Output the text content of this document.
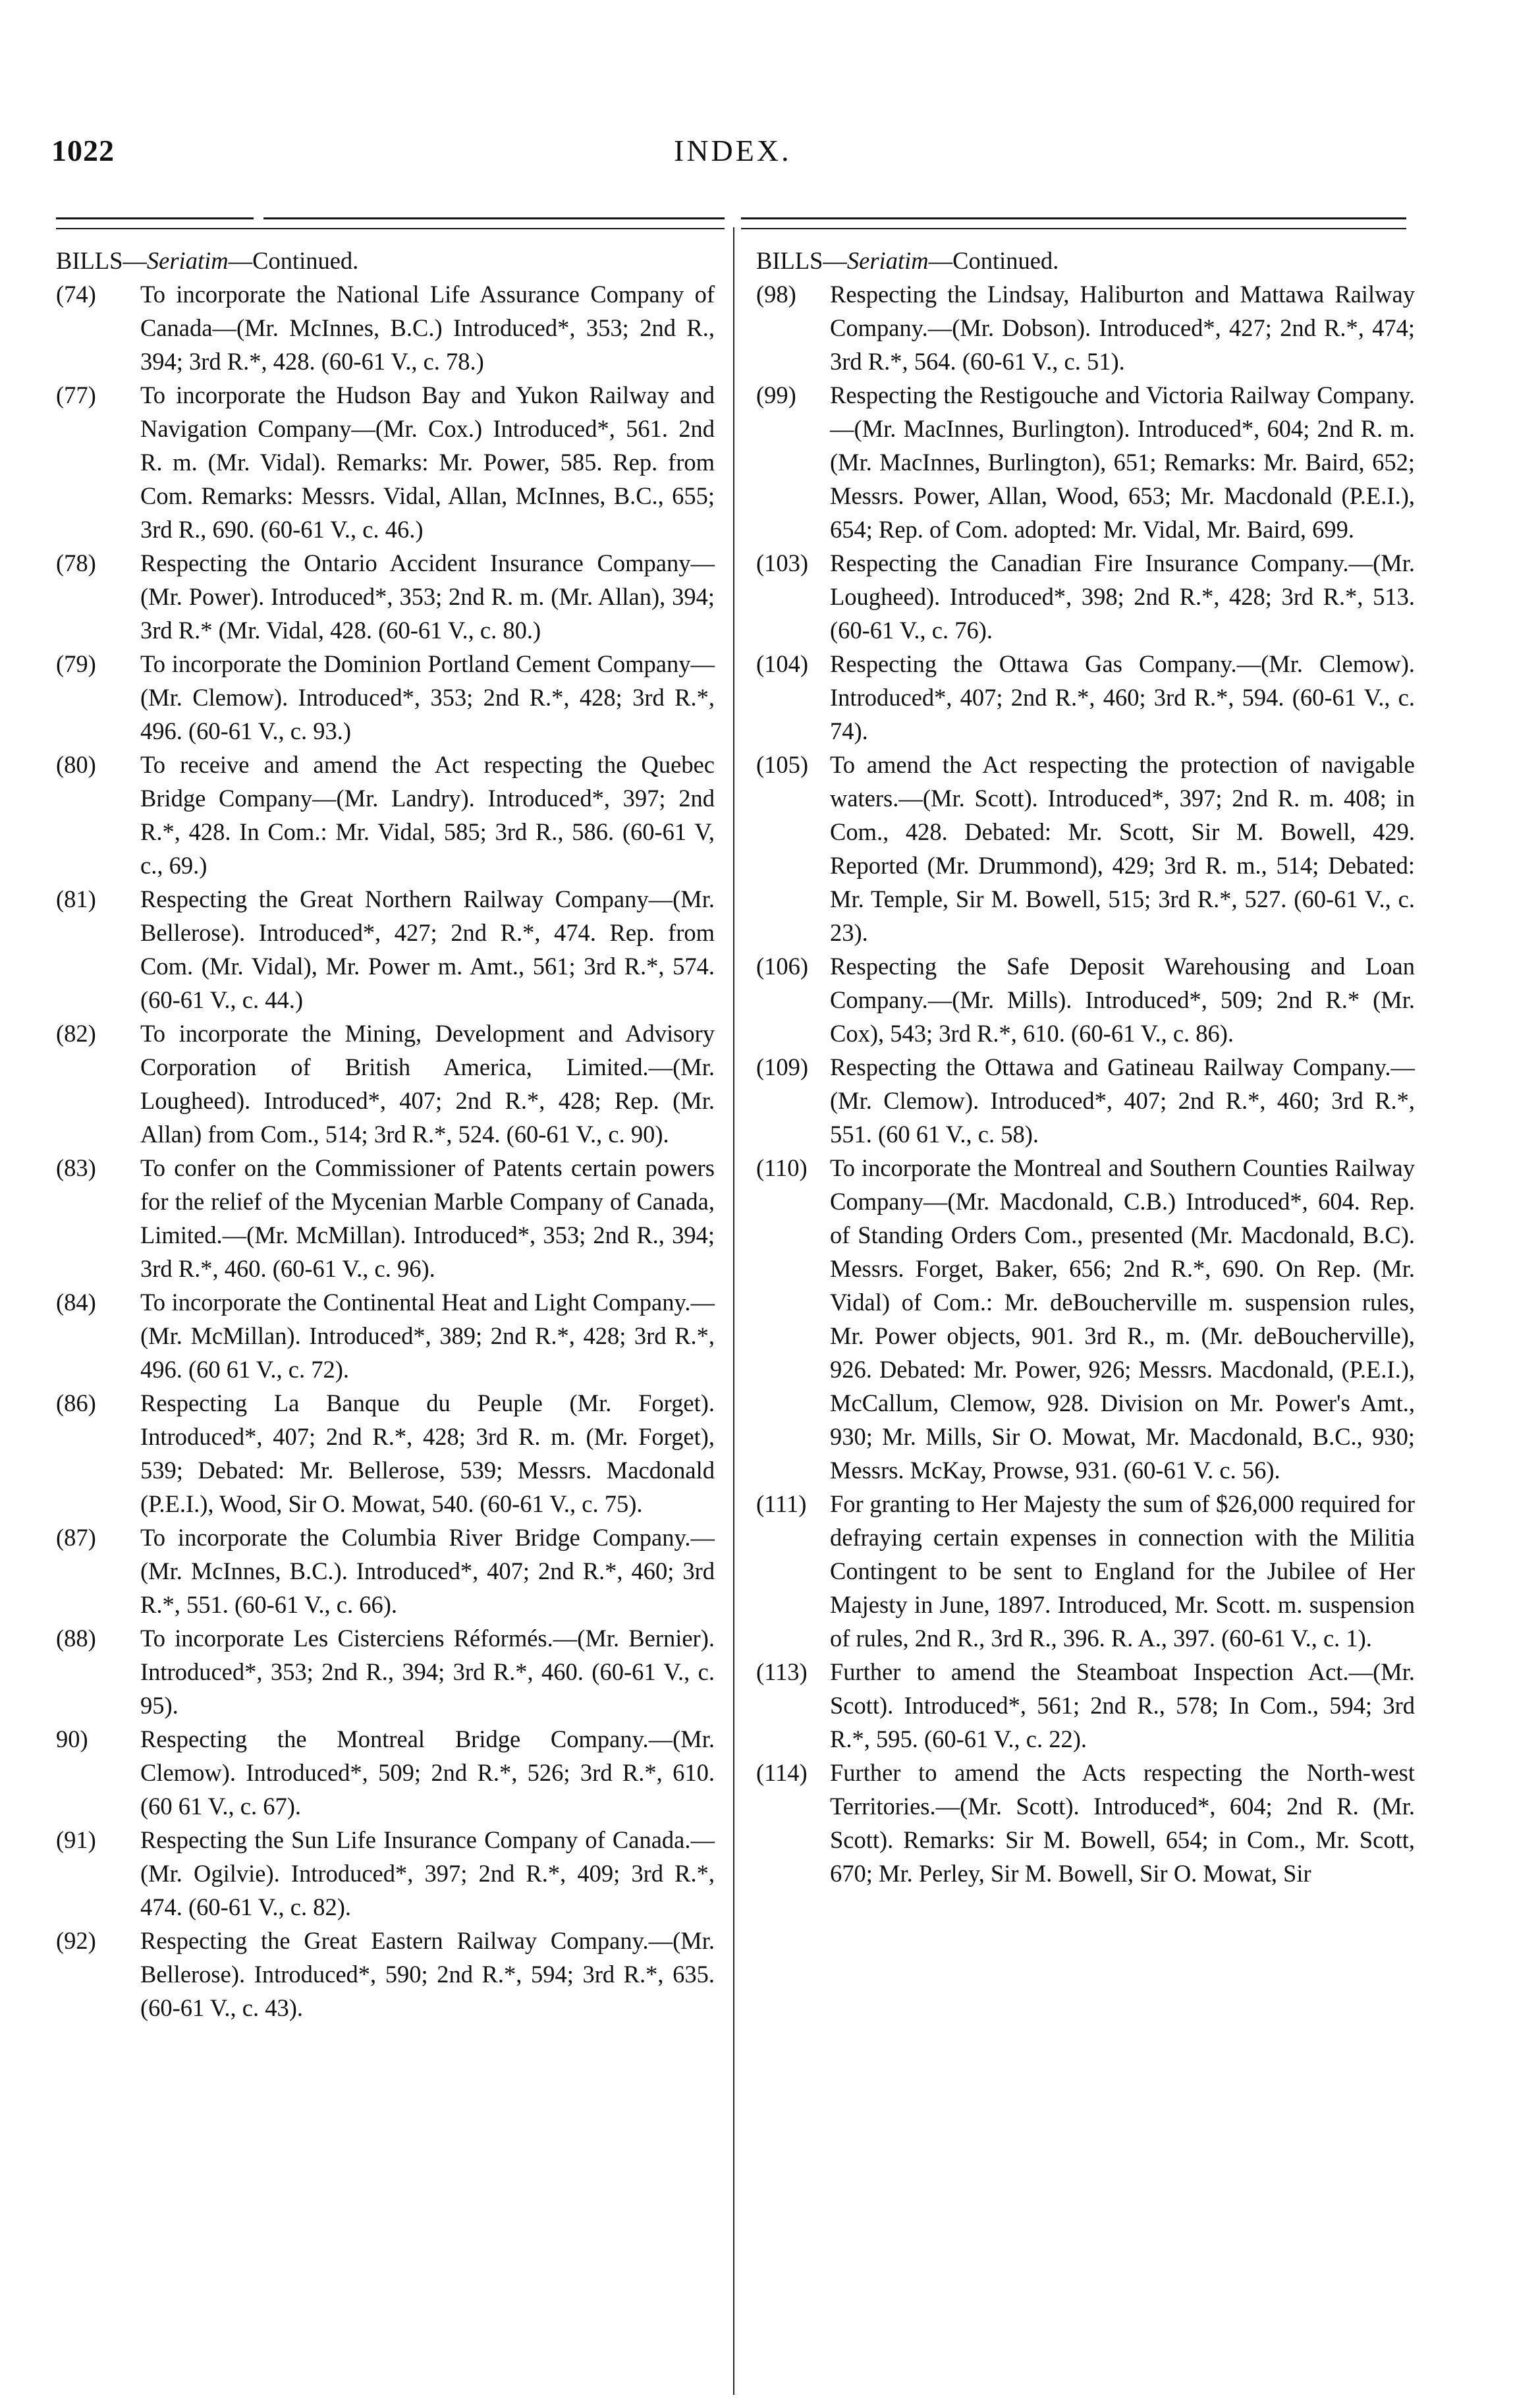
1022	INDEX.

BILLS—Seriatim—Continued.

(74) To incorporate the National Life Assurance Company of Canada—(Mr. McInnes, B.C.) Introduced*, 353; 2nd R., 394; 3rd R.*, 428. (60-61 V., c. 78.)
(77) To incorporate the Hudson Bay and Yukon Railway and Navigation Company—(Mr. Cox.) Introduced*, 561. 2nd R. m. (Mr. Vidal). Remarks: Mr. Power, 585. Rep. from Com. Remarks: Messrs. Vidal, Allan, McInnes, B.C., 655; 3rd R., 690. (60-61 V., c. 46.)
(78) Respecting the Ontario Accident Insurance Company—(Mr. Power). Introduced*, 353; 2nd R. m. (Mr. Allan), 394; 3rd R.* (Mr. Vidal, 428. (60-61 V., c. 80.)
(79) To incorporate the Dominion Portland Cement Company—(Mr. Clemow). Introduced*, 353; 2nd R.*, 428; 3rd R.*, 496. (60-61 V., c. 93.)
(80) To receive and amend the Act respecting the Quebec Bridge Company—(Mr. Landry). Introduced*, 397; 2nd R.*, 428. In Com.: Mr. Vidal, 585; 3rd R., 586. (60-61 V, c., 69.)
(81) Respecting the Great Northern Railway Company—(Mr. Bellerose). Introduced*, 427; 2nd R.*, 474. Rep. from Com. (Mr. Vidal), Mr. Power m. Amt., 561; 3rd R.*, 574. (60-61 V., c. 44.)
(82) To incorporate the Mining, Development and Advisory Corporation of British America, Limited.—(Mr. Lougheed). Introduced*, 407; 2nd R.*, 428; Rep. (Mr. Allan) from Com., 514; 3rd R.*, 524. (60-61 V., c. 90).
(83) To confer on the Commissioner of Patents certain powers for the relief of the Mycenian Marble Company of Canada, Limited.—(Mr. McMillan). Introduced*, 353; 2nd R., 394; 3rd R.*, 460. (60-61 V., c. 96).
(84) To incorporate the Continental Heat and Light Company.—(Mr. McMillan). Introduced*, 389; 2nd R.*, 428; 3rd R.*, 496. (60 61 V., c. 72).
(86) Respecting La Banque du Peuple (Mr. Forget). Introduced*, 407; 2nd R.*, 428; 3rd R. m. (Mr. Forget), 539; Debated: Mr. Bellerose, 539; Messrs. Macdonald (P.E.I.), Wood, Sir O. Mowat, 540. (60-61 V., c. 75).
(87) To incorporate the Columbia River Bridge Company.—(Mr. McInnes, B.C.). Introduced*, 407; 2nd R.*, 460; 3rd R.*, 551. (60-61 V., c. 66).
(88) To incorporate Les Cisterciens Réformés.—(Mr. Bernier). Introduced*, 353; 2nd R., 394; 3rd R.*, 460. (60-61 V., c. 95).
90) Respecting the Montreal Bridge Company.—(Mr. Clemow). Introduced*, 509; 2nd R.*, 526; 3rd R.*, 610. (60 61 V., c. 67).
(91) Respecting the Sun Life Insurance Company of Canada.—(Mr. Ogilvie). Introduced*, 397; 2nd R.*, 409; 3rd R.*, 474. (60-61 V., c. 82).
(92) Respecting the Great Eastern Railway Company.—(Mr. Bellerose). Introduced*, 590; 2nd R.*, 594; 3rd R.*, 635. (60-61 V., c. 43).

BILLS—Seriatim—Continued.

(98) Respecting the Lindsay, Haliburton and Mattawa Railway Company.—(Mr. Dobson). Introduced*, 427; 2nd R.*, 474; 3rd R.*, 564. (60-61 V., c. 51).
(99) Respecting the Restigouche and Victoria Railway Company.—(Mr. MacInnes, Burlington). Introduced*, 604; 2nd R. m. (Mr. MacInnes, Burlington), 651; Remarks: Mr. Baird, 652; Messrs. Power, Allan, Wood, 653; Mr. Macdonald (P.E.I.), 654; Rep. of Com. adopted: Mr. Vidal, Mr. Baird, 699.
(103) Respecting the Canadian Fire Insurance Company.—(Mr. Lougheed). Introduced*, 398; 2nd R.*, 428; 3rd R.*, 513. (60-61 V., c. 76).
(104) Respecting the Ottawa Gas Company.—(Mr. Clemow). Introduced*, 407; 2nd R.*, 460; 3rd R.*, 594. (60-61 V., c. 74).
(105) To amend the Act respecting the protection of navigable waters.—(Mr. Scott). Introduced*, 397; 2nd R. m. 408; in Com., 428. Debated: Mr. Scott, Sir M. Bowell, 429. Reported (Mr. Drummond), 429; 3rd R. m., 514; Debated: Mr. Temple, Sir M. Bowell, 515; 3rd R.*, 527. (60-61 V., c. 23).
(106) Respecting the Safe Deposit Warehousing and Loan Company.—(Mr. Mills). Introduced*, 509; 2nd R.* (Mr. Cox), 543; 3rd R.*, 610. (60-61 V., c. 86).
(109) Respecting the Ottawa and Gatineau Railway Company.—(Mr. Clemow). Introduced*, 407; 2nd R.*, 460; 3rd R.*, 551. (60 61 V., c. 58).
(110) To incorporate the Montreal and Southern Counties Railway Company—(Mr. Macdonald, C.B.) Introduced*, 604. Rep. of Standing Orders Com., presented (Mr. Macdonald, B.C). Messrs. Forget, Baker, 656; 2nd R.*, 690. On Rep. (Mr. Vidal) of Com.: Mr. deBoucherville m. suspension rules, Mr. Power objects, 901. 3rd R., m. (Mr. deBoucherville), 926. Debated: Mr. Power, 926; Messrs. Macdonald, (P.E.I.), McCallum, Clemow, 928. Division on Mr. Power's Amt., 930; Mr. Mills, Sir O. Mowat, Mr. Macdonald, B.C., 930; Messrs. McKay, Prowse, 931. (60-61 V. c. 56).
(111) For granting to Her Majesty the sum of $26,000 required for defraying certain expenses in connection with the Militia Contingent to be sent to England for the Jubilee of Her Majesty in June, 1897. Introduced, Mr. Scott. m. suspension of rules, 2nd R., 3rd R., 396. R. A., 397. (60-61 V., c. 1).
(113) Further to amend the Steamboat Inspection Act.—(Mr. Scott). Introduced*, 561; 2nd R., 578; In Com., 594; 3rd R.*, 595. (60-61 V., c. 22).
(114) Further to amend the Acts respecting the North-west Territories.—(Mr. Scott). Introduced*, 604; 2nd R. (Mr. Scott). Remarks: Sir M. Bowell, 654; in Com., Mr. Scott, 670; Mr. Perley, Sir M. Bowell, Sir O. Mowat, Sir
